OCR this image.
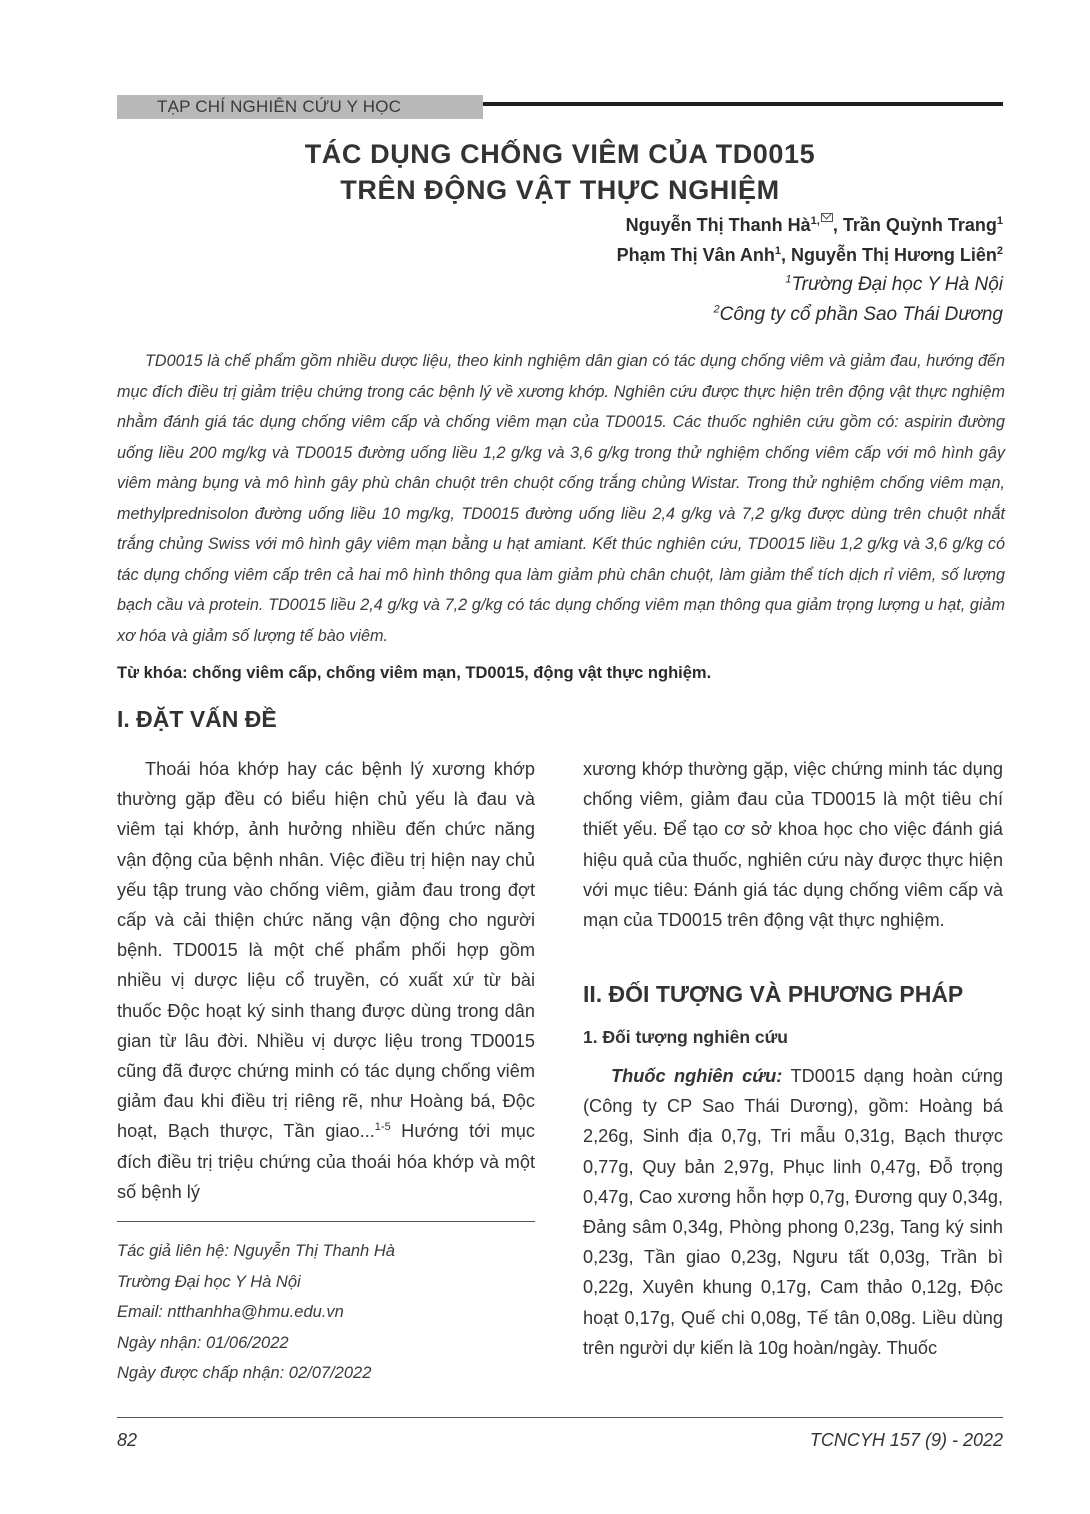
TẠP CHÍ NGHIÊN CỨU Y HỌC
TÁC DỤNG CHỐNG VIÊM CỦA TD0015
TRÊN ĐỘNG VẬT THỰC NGHIỆM
Nguyễn Thị Thanh $Hà^{1,}$ , Trần Quỳnh Trang$^1$
Phạm Thị Vân Anh$^1$, Nguyễn Thị Hương Liên$^2$
$^1$Trường Đại học Y Hà Nội
$^2$Công ty cổ phần Sao Thái Dương
TD0015 là chế phẩm gồm nhiều dược liệu, theo kinh nghiệm dân gian có tác dụng chống viêm và giảm đau, hướng đến mục đích điều trị giảm triệu chứng trong các bệnh lý về xương khớp. Nghiên cứu được thực hiện trên động vật thực nghiệm nhằm đánh giá tác dụng chống viêm cấp và chống viêm mạn của TD0015. Các thuốc nghiên cứu gồm có: aspirin đường uống liều 200 mg/kg và TD0015 đường uống liều 1,2 g/kg và 3,6 g/kg trong thử nghiệm chống viêm cấp với mô hình gây viêm màng bụng và mô hình gây phù chân chuột trên chuột cống trắng chủng Wistar. Trong thử nghiệm chống viêm mạn, methylprednisolon đường uống liều 10 mg/kg, TD0015 đường uống liều 2,4 g/kg và 7,2 g/kg được dùng trên chuột nhắt trắng chủng Swiss với mô hình gây viêm mạn bằng u hạt amiant. Kết thúc nghiên cứu, TD0015 liều 1,2 g/kg và 3,6 g/kg có tác dụng chống viêm cấp trên cả hai mô hình thông qua làm giảm phù chân chuột, làm giảm thể tích dịch rỉ viêm, số lượng bạch cầu và protein. TD0015 liều 2,4 g/kg và 7,2 g/kg có tác dụng chống viêm mạn thông qua giảm trọng lượng u hạt, giảm xơ hóa và giảm số lượng tế bào viêm.
Từ khóa: chống viêm cấp, chống viêm mạn, TD0015, động vật thực nghiệm.
I. ĐẶT VẤN ĐỀ
Thoái hóa khớp hay các bệnh lý xương khớp thường gặp đều có biểu hiện chủ yếu là đau và viêm tại khớp, ảnh hưởng nhiều đến chức năng vận động của bệnh nhân. Việc điều trị hiện nay chủ yếu tập trung vào chống viêm, giảm đau trong đợt cấp và cải thiện chức năng vận động cho người bệnh. TD0015 là một chế phẩm phối hợp gồm nhiều vị dược liệu cổ truyền, có xuất xứ từ bài thuốc Độc hoạt ký sinh thang được dùng trong dân gian từ lâu đời. Nhiều vị dược liệu trong TD0015 cũng đã được chứng minh có tác dụng chống viêm giảm đau khi điều trị riêng rẽ, như Hoàng bá, Độc hoạt, Bạch thược, Tần giao...$^{1-5}$ Hướng tới mục đích điều trị triệu chứng của thoái hóa khớp và một số bệnh lý
Tác giả liên hệ: Nguyễn Thị Thanh Hà
Trường Đại học Y Hà Nội
Email: ntthanhha@hmu.edu.vn
Ngày nhận: 01/06/2022
Ngày được chấp nhận: 02/07/2022
xương khớp thường gặp, việc chứng minh tác dụng chống viêm, giảm đau của TD0015 là một tiêu chí thiết yếu. Để tạo cơ sở khoa học cho việc đánh giá hiệu quả của thuốc, nghiên cứu này được thực hiện với mục tiêu: Đánh giá tác dụng chống viêm cấp và mạn của TD0015 trên động vật thực nghiệm.
II. ĐỐI TƯỢNG VÀ PHƯƠNG PHÁP
1. Đối tượng nghiên cứu
Thuốc nghiên cứu: TD0015 dạng hoàn cứng (Công ty CP Sao Thái Dương), gồm: Hoàng bá 2,26g, Sinh địa 0,7g, Tri mẫu 0,31g, Bạch thược 0,77g, Quy bản 2,97g, Phục linh 0,47g, Đỗ trọng 0,47g, Cao xương hỗn hợp 0,7g, Đương quy 0,34g, Đảng sâm 0,34g, Phòng phong 0,23g, Tang ký sinh 0,23g, Tần giao 0,23g, Ngưu tất 0,03g, Trần bì 0,22g, Xuyên khung 0,17g, Cam thảo 0,12g, Độc hoạt 0,17g, Quế chi 0,08g, Tế tân 0,08g. Liều dùng trên người dự kiến là 10g hoàn/ngày. Thuốc
82	TCNCYH 157 (9) - 2022
